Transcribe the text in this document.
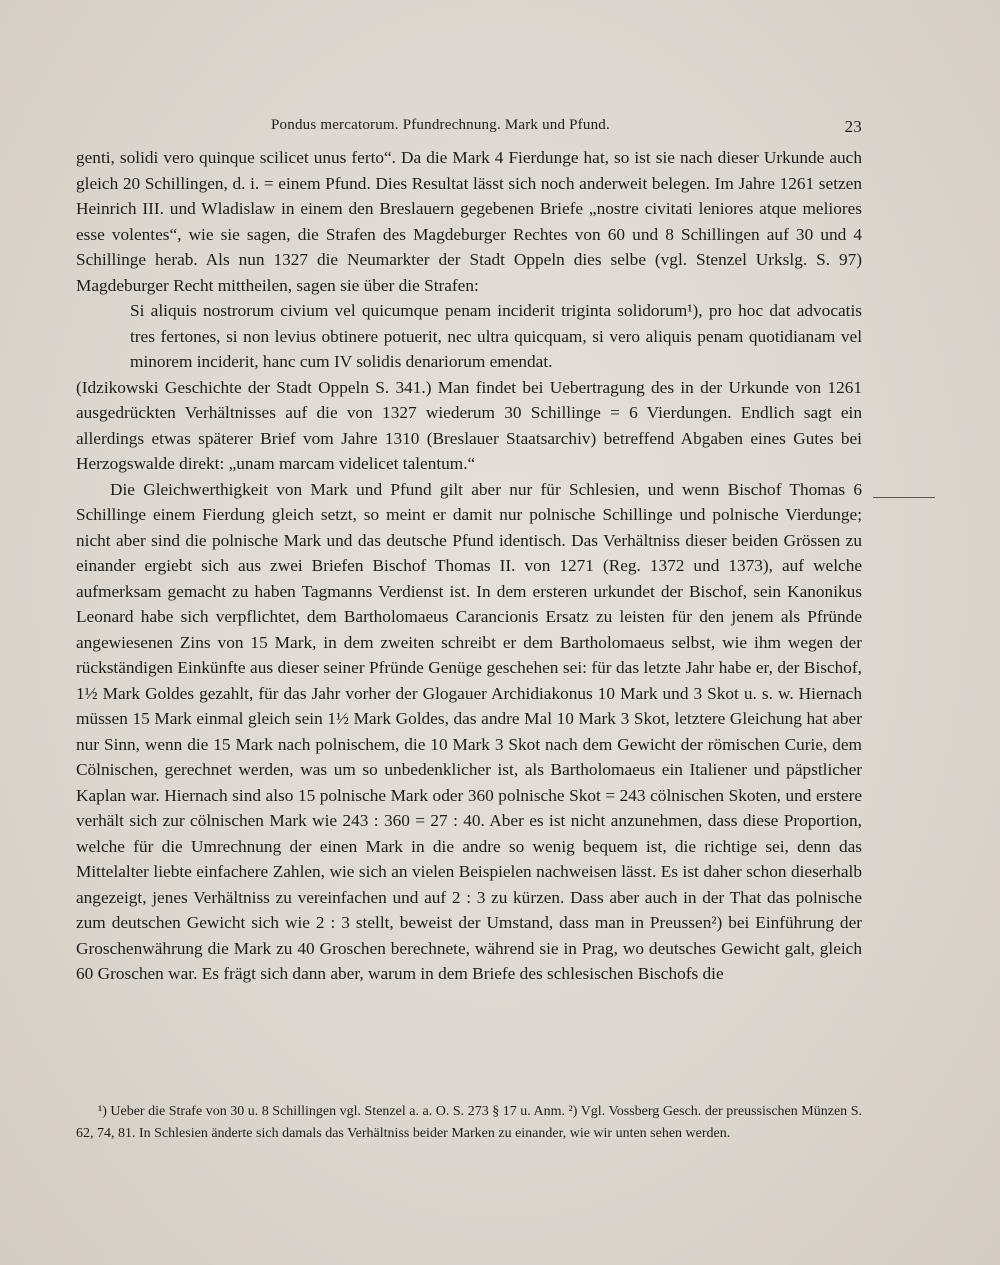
Pondus mercatorum. Pfundrechnung. Mark und Pfund.	23

genti, solidi vero quinque scilicet unus ferto“. Da die Mark 4 Fierdunge hat, so ist sie nach dieser Urkunde auch gleich 20 Schillingen, d. i. = einem Pfund. Dies Resultat lässt sich noch anderweit belegen. Im Jahre 1261 setzen Heinrich III. und Wladislaw in einem den Breslauern gegebenen Briefe „nostre civitati leniores atque meliores esse volentes“, wie sie sagen, die Strafen des Magdeburger Rechtes von 60 und 8 Schillingen auf 30 und 4 Schillinge herab. Als nun 1327 die Neumarkter der Stadt Oppeln dies selbe (vgl. Stenzel Urkslg. S. 97) Magdeburger Recht mittheilen, sagen sie über die Strafen:

Si aliquis nostrorum civium vel quicumque penam inciderit triginta solidorum¹), pro hoc dat advocatis tres fertones, si non levius obtinere potuerit, nec ultra quicquam, si vero aliquis penam quotidianam vel minorem inciderit, hanc cum IV solidis denariorum emendat.

(Idzikowski Geschichte der Stadt Oppeln S. 341.) Man findet bei Uebertragung des in der Urkunde von 1261 ausgedrückten Verhältnisses auf die von 1327 wiederum 30 Schillinge = 6 Vierdungen. Endlich sagt ein allerdings etwas späterer Brief vom Jahre 1310 (Breslauer Staatsarchiv) betreffend Abgaben eines Gutes bei Herzogswalde direkt: „unam marcam videlicet talentum.“

Die Gleichwerthigkeit von Mark und Pfund gilt aber nur für Schlesien, und wenn Bischof Thomas 6 Schillinge einem Fierdung gleich setzt, so meint er damit nur polnische Schillinge und polnische Vierdunge; nicht aber sind die polnische Mark und das deutsche Pfund identisch. Das Verhältniss dieser beiden Grössen zu einander ergiebt sich aus zwei Briefen Bischof Thomas II. von 1271 (Reg. 1372 und 1373), auf welche aufmerksam gemacht zu haben Tagmanns Verdienst ist. In dem ersteren urkundet der Bischof, sein Kanonikus Leonard habe sich verpflichtet, dem Bartholomaeus Carancionis Ersatz zu leisten für den jenem als Pfründe angewiesenen Zins von 15 Mark, in dem zweiten schreibt er dem Bartholomaeus selbst, wie ihm wegen der rückständigen Einkünfte aus dieser seiner Pfründe Genüge geschehen sei: für das letzte Jahr habe er, der Bischof, 1½ Mark Goldes gezahlt, für das Jahr vorher der Glogauer Archidiakonus 10 Mark und 3 Skot u. s. w. Hiernach müssen 15 Mark einmal gleich sein 1½ Mark Goldes, das andre Mal 10 Mark 3 Skot, letztere Gleichung hat aber nur Sinn, wenn die 15 Mark nach polnischem, die 10 Mark 3 Skot nach dem Gewicht der römischen Curie, dem Cölnischen, gerechnet werden, was um so unbedenklicher ist, als Bartholomaeus ein Italiener und päpstlicher Kaplan war. Hiernach sind also 15 polnische Mark oder 360 polnische Skot = 243 cölnischen Skoten, und erstere verhält sich zur cölnischen Mark wie 243 : 360 = 27 : 40. Aber es ist nicht anzunehmen, dass diese Proportion, welche für die Umrechnung der einen Mark in die andre so wenig bequem ist, die richtige sei, denn das Mittelalter liebte einfachere Zahlen, wie sich an vielen Beispielen nachweisen lässt. Es ist daher schon dieserhalb angezeigt, jenes Verhältniss zu vereinfachen und auf 2 : 3 zu kürzen. Dass aber auch in der That das polnische zum deutschen Gewicht sich wie 2 : 3 stellt, beweist der Umstand, dass man in Preussen²) bei Einführung der Groschenwährung die Mark zu 40 Groschen berechnete, während sie in Prag, wo deutsches Gewicht galt, gleich 60 Groschen war. Es frägt sich dann aber, warum in dem Briefe des schlesischen Bischofs die

¹) Ueber die Strafe von 30 u. 8 Schillingen vgl. Stenzel a. a. O. S. 273 § 17 u. Anm. ²) Vgl. Vossberg Gesch. der preussischen Münzen S. 62, 74, 81. In Schlesien änderte sich damals das Verhältniss beider Marken zu einander, wie wir unten sehen werden.
